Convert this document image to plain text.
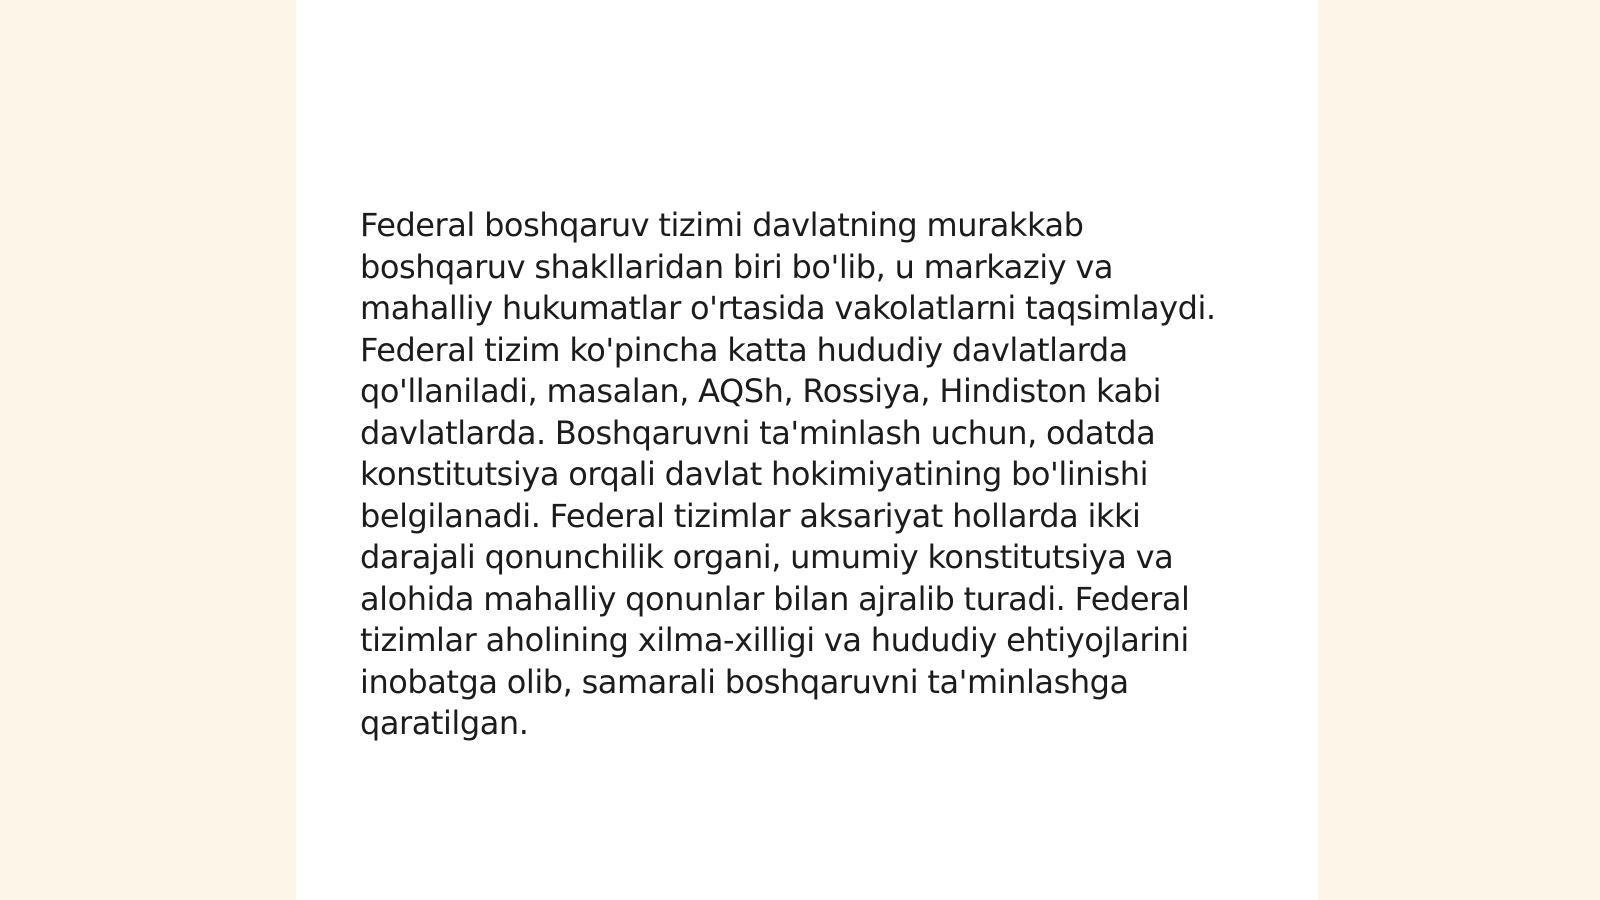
Federal boshqaruv tizimi davlatning murakkab boshqaruv shakllaridan biri bo'lib, u markaziy va mahalliy hukumatlar o'rtasida vakolatlarni taqsimlaydi. Federal tizim ko'pincha katta hududiy davlatlarda qo'llaniladi, masalan, AQSh, Rossiya, Hindiston kabi davlatlarda. Boshqaruvni ta'minlash uchun, odatda konstitutsiya orqali davlat hokimiyatining bo'linishi belgilanadi. Federal tizimlar aksariyat hollarda ikki darajali qonunchilik organi, umumiy konstitutsiya va alohida mahalliy qonunlar bilan ajralib turadi. Federal tizimlar aholining xilma-xilligi va hududiy ehtiyojlarini inobatga olib, samarali boshqaruvni ta'minlashga qaratilgan.
